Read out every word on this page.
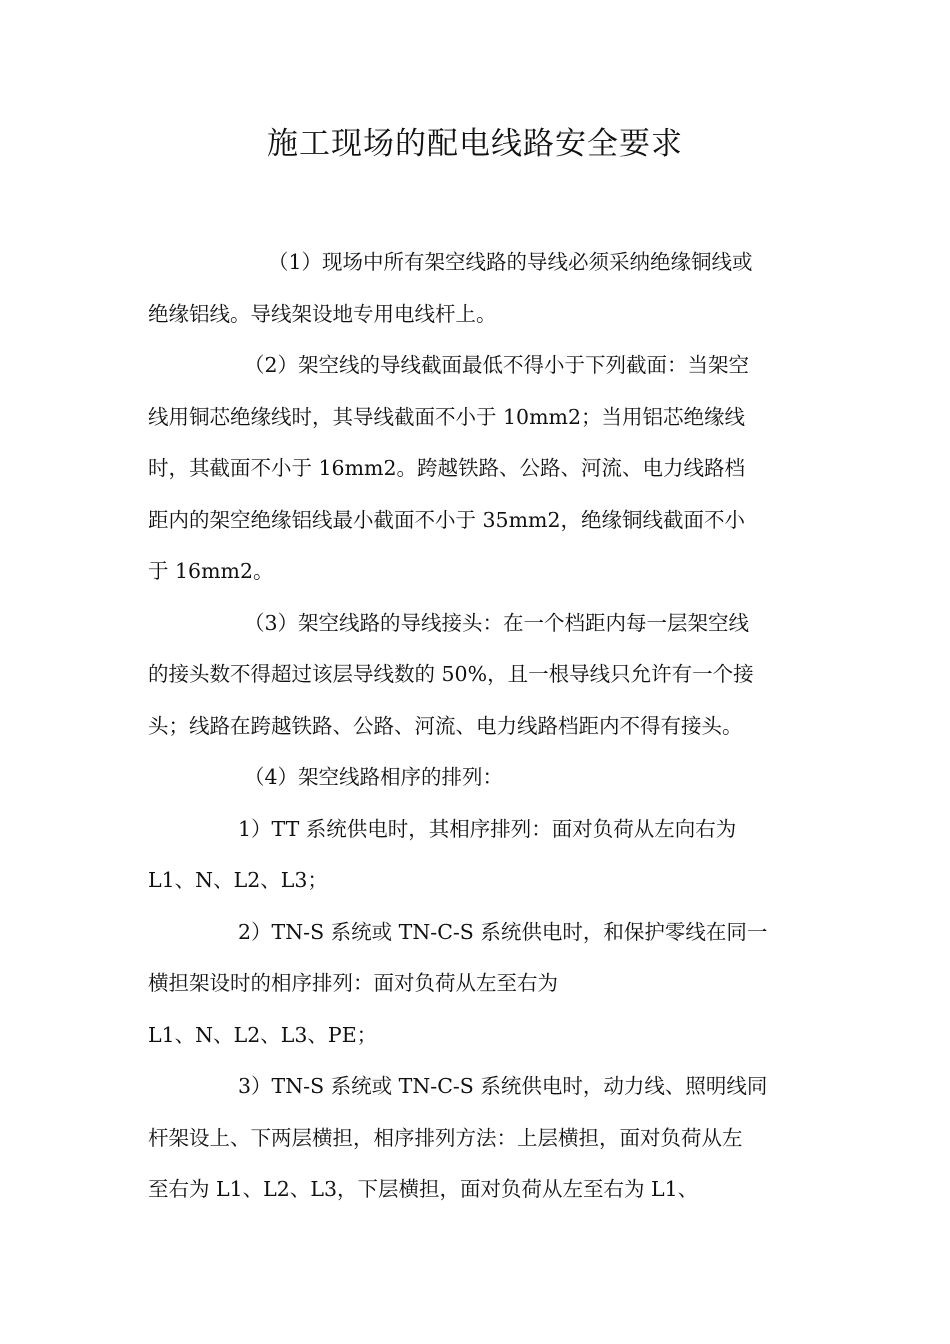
施工现场的配电线路安全要求
（1）现场中所有架空线路的导线必须采纳绝缘铜线或
绝缘铝线。导线架设地专用电线杆上。
（2）架空线的导线截面最低不得小于下列截面：当架空
线用铜芯绝缘线时，其导线截面不小于 10mm2；当用铝芯绝缘线
时，其截面不小于 16mm2。跨越铁路、公路、河流、电力线路档
距内的架空绝缘铝线最小截面不小于 35mm2，绝缘铜线截面不小
于 16mm2。
（3）架空线路的导线接头：在一个档距内每一层架空线
的接头数不得超过该层导线数的 50%，且一根导线只允许有一个接
头；线路在跨越铁路、公路、河流、电力线路档距内不得有接头。
（4）架空线路相序的排列：
1）TT 系统供电时，其相序排列：面对负荷从左向右为
L1、N、L2、L3；
2）TN-S 系统或 TN-C-S 系统供电时，和保护零线在同一
横担架设时的相序排列：面对负荷从左至右为
L1、N、L2、L3、PE；
3）TN-S 系统或 TN-C-S 系统供电时，动力线、照明线同
杆架设上、下两层横担，相序排列方法：上层横担，面对负荷从左
至右为 L1、L2、L3，下层横担，面对负荷从左至右为 L1、
